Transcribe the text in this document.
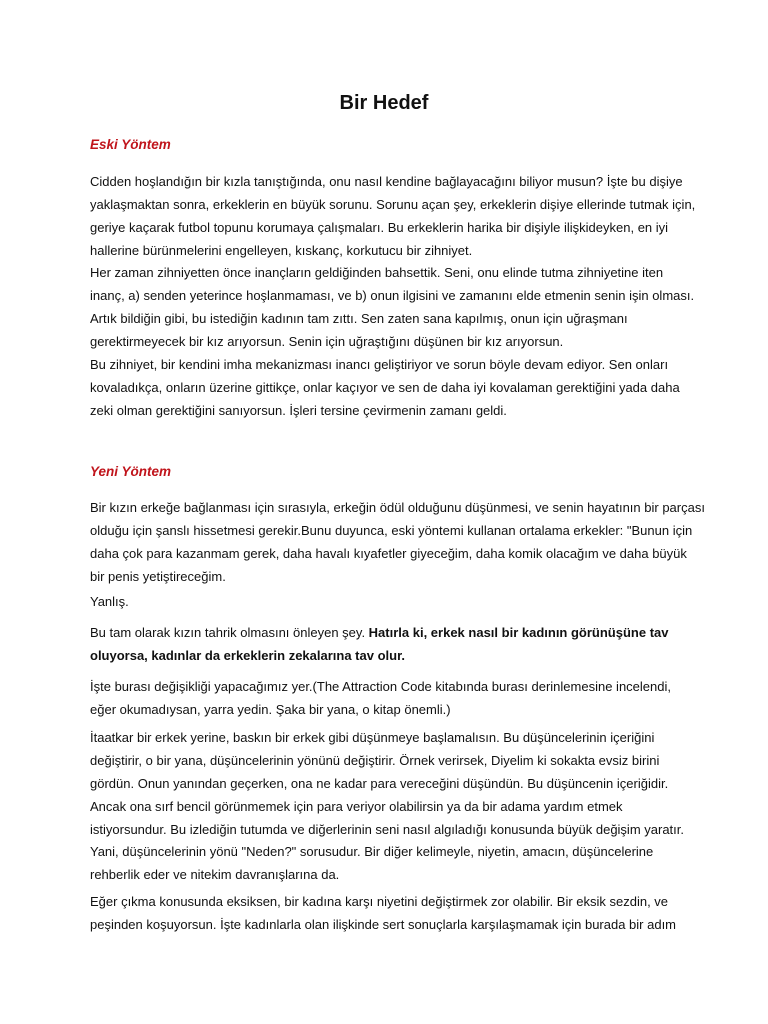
Bir Hedef
Eski Yöntem

Cidden hoşlandığın bir kızla tanıştığında, onu nasıl kendine bağlayacağını biliyor musun? İşte bu dişiye
yaklaşmaktan sonra, erkeklerin en büyük sorunu. Sorunu açan şey, erkeklerin dişiye ellerinde tutmak için,
geriye kaçarak futbol topunu korumaya çalışmaları. Bu erkeklerin harika bir dişiyle ilişkideyken, en iyi
hallerine bürünmelerini engelleyen, kıskanç, korkutucu bir zihniyet.

Her zaman zihniyetten önce inançların geldiğinden bahsettik. Seni, onu elinde tutma zihniyetine iten
inanç, a) senden yeterince hoşlanmaması, ve b) onun ilgisini ve zamanını elde etmenin senin işin olması.
Artık bildiğin gibi, bu istediğin kadının tam zıttı. Sen zaten sana kapılmış, onun için uğraşmanı
gerektirmeyecek bir kız arıyorsun. Senin için uğraştığını düşünen bir kız arıyorsun.

Bu zihniyet, bir kendini imha mekanizması inancı geliştiriyor ve sorun böyle devam ediyor. Sen onları
kovaladıkça, onların üzerine gittikçe, onlar kaçıyor ve sen de daha iyi kovalaman gerektiğini yada daha
zeki olman gerektiğini sanıyorsun. İşleri tersine çevirmenin zamanı geldi.

Yeni Yöntem

Bir kızın erkeğe bağlanması için sırasıyla, erkeğin ödül olduğunu düşünmesi, ve senin hayatının bir parçası
olduğu için şanslı hissetmesi gerekir.Bunu duyunca, eski yöntemi kullanan ortalama erkekler: "Bunun için
daha çok para kazanmam gerek, daha havalı kıyafetler giyeceğim, daha komik olacağım ve daha büyük
bir penis yetiştireceğim.

Yanlış.

Bu tam olarak kızın tahrik olmasını önleyen şey. Hatırla ki, erkek nasıl bir kadının görünüşüne tav
oluyorsa, kadınlar da erkeklerin zekalarına tav olur.

İşte burası değişikliği yapacağımız yer.(The Attraction Code kitabında burası derinlemesine incelendi,
eğer okumadıysan, yarra yedin. Şaka bir yana, o kitap önemli.)

İtaatkar bir erkek yerine, baskın bir erkek gibi düşünmeye başlamalısın. Bu düşüncelerinin içeriğini
değiştirir, o bir yana, düşüncelerinin yönünü değiştirir. Örnek verirsek, Diyelim ki sokakta evsiz birini
gördün. Onun yanından geçerken, ona ne kadar para vereceğini düşündün. Bu düşüncenin içeriğidir.
Ancak ona sırf bencil görünmemek için para veriyor olabilirsin ya da bir adama yardım etmek
istiyorsundur. Bu izlediğin tutumda ve diğerlerinin seni nasıl algıladığı konusunda büyük değişim yaratır.

Yani, düşüncelerinin yönü "Neden?" sorusudur. Bir diğer kelimeyle, niyetin, amacın, düşüncelerine
rehberlik eder ve nitekim davranışlarına da.

Eğer çıkma konusunda eksiksen, bir kadına karşı niyetini değiştirmek zor olabilir. Bir eksik sezdin, ve
peşinden koşuyorsun. İşte kadınlarla olan ilişkinde sert sonuçlarla karşılaşmamak için burada bir adım
